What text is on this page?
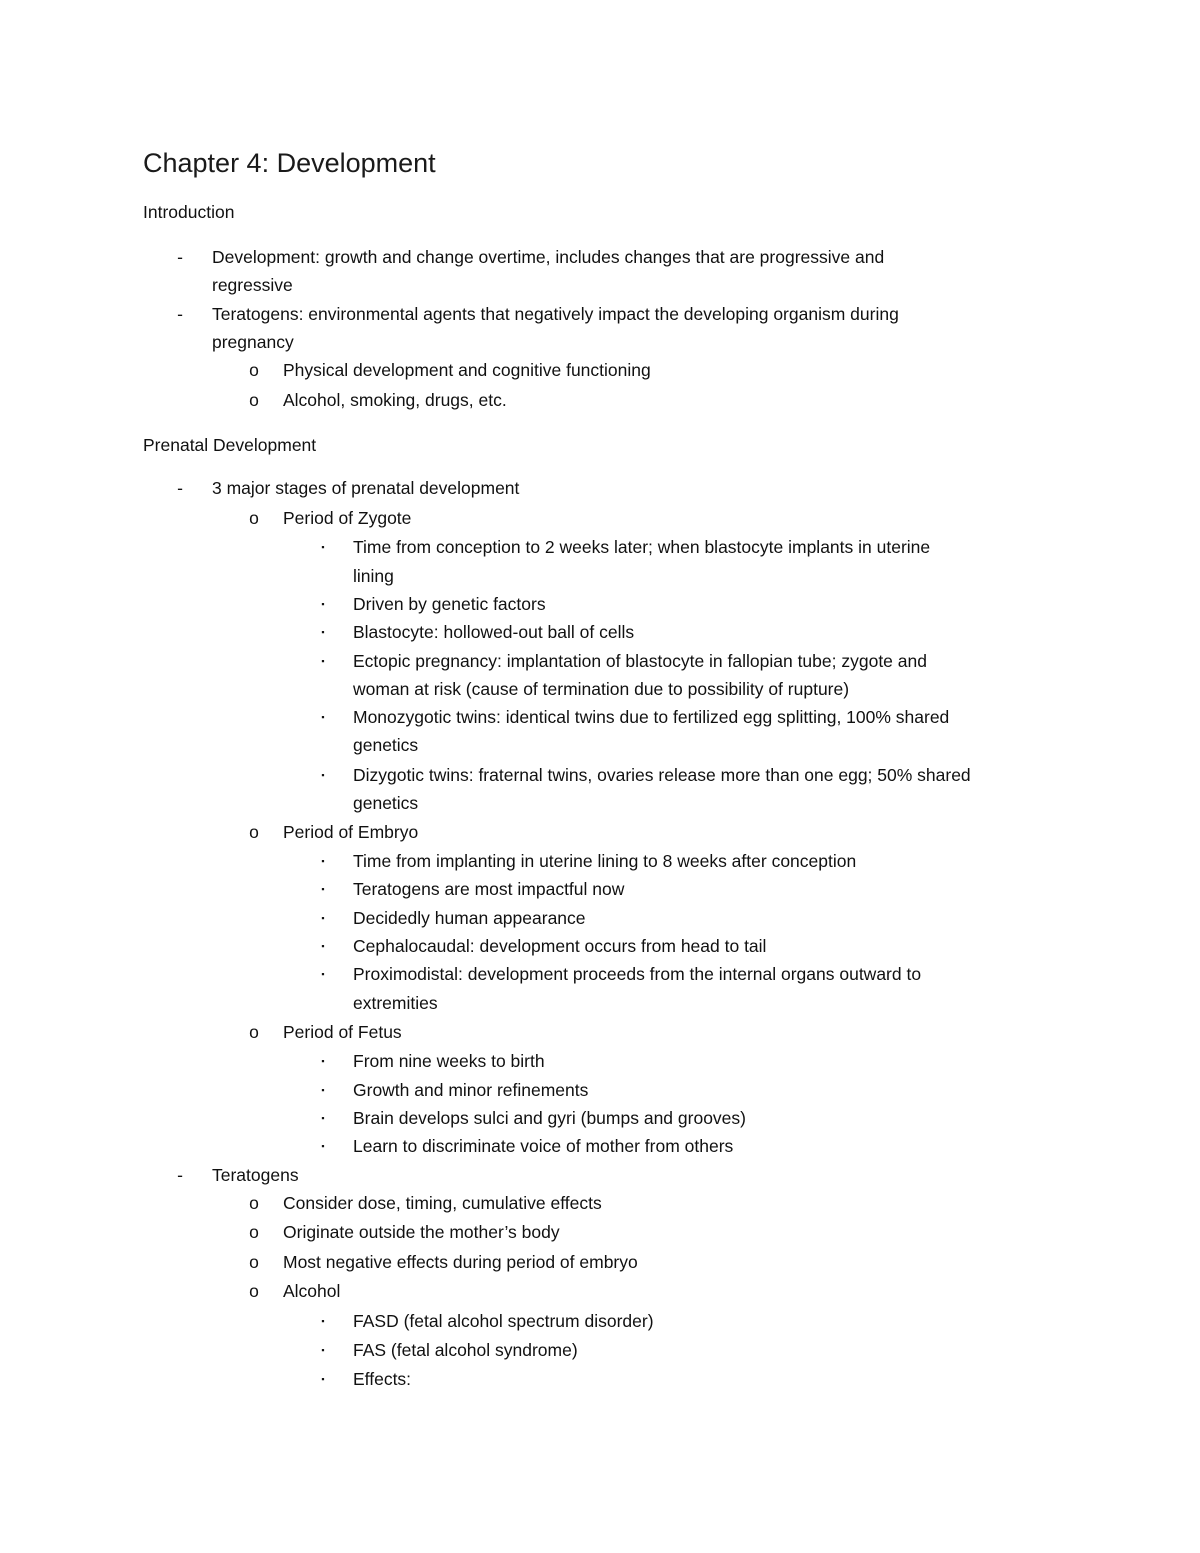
Chapter 4: Development
Introduction
-	Development: growth and change overtime, includes changes that are progressive and
regressive
-	Teratogens: environmental agents that negatively impact the developing organism during
pregnancy
o Physical development and cognitive functioning
o Alcohol, smoking, drugs, etc.
Prenatal Development
-	3 major stages of prenatal development
o Period of Zygote
▪	Time from conception to 2 weeks later; when blastocyte implants in uterine
lining
▪	Driven by genetic factors
▪	Blastocyte: hollowed-out ball of cells
▪	Ectopic pregnancy: implantation of blastocyte in fallopian tube; zygote and
woman at risk (cause of termination due to possibility of rupture)
▪	Monozygotic twins: identical twins due to fertilized egg splitting, 100% shared
genetics
▪	Dizygotic twins: fraternal twins, ovaries release more than one egg; 50% shared
genetics
o Period of Embryo
▪	Time from implanting in uterine lining to 8 weeks after conception
▪	Teratogens are most impactful now
▪	Decidedly human appearance
▪	Cephalocaudal: development occurs from head to tail
▪	Proximodistal: development proceeds from the internal organs outward to
extremities
o Period of Fetus
▪	From nine weeks to birth
▪	Growth and minor refinements
▪	Brain develops sulci and gyri (bumps and grooves)
▪	Learn to discriminate voice of mother from others
-	Teratogens
o Consider dose, timing, cumulative effects
o Originate outside the mother’s body
o Most negative effects during period of embryo
o Alcohol
▪	FASD (fetal alcohol spectrum disorder)
▪	FAS (fetal alcohol syndrome)
▪	Effects:
